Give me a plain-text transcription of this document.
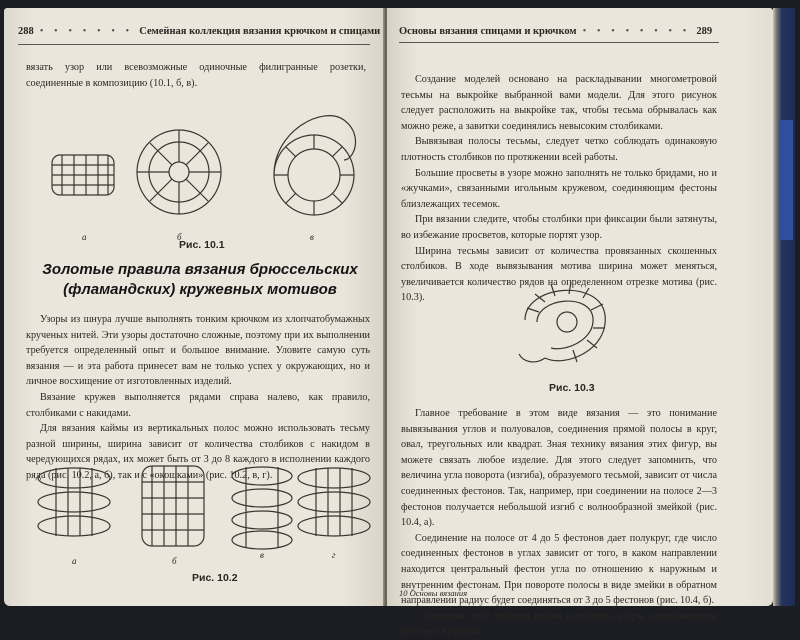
288 • • • • • • • Семейная коллекция вязания крючком и спицами

вязать узор или всевозможные одиночные филигранные розетки, соединенные в композицию (10.1, б, в).

а	б	в
Рис. 10.1
Золотые правила вязания брюссельских (фламандских) кружевных мотивов

Узоры из шнура лучше выполнять тонким крючком из хлопчатобумажных крученых нитей. Эти узоры достаточно сложные, поэтому при их выполнении требуется определенный опыт и большое внимание. Уловите самую суть вязания — и эта работа принесет вам не только успех у окружающих, но и личное восхищение от изготовленных изделий.

Вязание кружев выполняется рядами справа налево, как правило, столбиками с накидами.

Для вязания каймы из вертикальных полос можно использовать тесьму разной ширины, ширина зависит от количества столбиков с накидом в чередующихся рядах, их может быть от 3 до 8 каждого в исполнении каждого ряда (рис. 10.2, а, б), так и с «окошками» (рис. 10.2, в, г).

а	б
в	г
Рис. 10.2
Основы вязания спицами и крючком • • • • • • • • 289

Создание моделей основано на раскладывании многометровой тесьмы на выкройке выбранной вами модели. Для этого рисунок следует расположить на выкройке так, чтобы тесьма обрывалась как можно реже, а завитки соединялись невысоким столбиками.

Вывязывая полосы тесьмы, следует четко соблюдать одинаковую плотность столбиков по протяжении всей работы.

Большие просветы в узоре можно заполнять не только бридами, но и «жучками», связанными игольным кружевом, соединяющим фестоны близлежащих тесемок.

При вязании следите, чтобы столбики при фиксации были затянуты, во избежание просветов, которые портят узор.

Ширина тесьмы зависит от количества провязанных скошенных столбиков. В ходе вывязывания мотива ширина может меняться, увеличивается количество рядов на определенном отрезке мотива (рис. 10.3).

Рис. 10.3

Главное требование в этом виде вязания — это понимание вывязывания углов и полуовалов, соединения прямой полосы в круг, овал, треугольных или квадрат. Зная технику вязания этих фигур, вы можете связать любое изделие. Для этого следует запомнить, что величина угла поворота (изгиба), образуемого тесьмой, зависит от числа соединенных фестонов. Так, например, при соединении на полосе 2—3 фестонов получается небольшой изгиб с волнообразной змейкой (рис. 10.4, а).

Соединение на полосе от 4 до 5 фестонов дает полукруг, где число соединенных фестонов в углах зависит от того, в каком направлении находится центральный фестон угла по отношению к наружным и внутренним фестонам. При повороте полосы в виде змейки в обратном направлении радиус будет соединяться от 3 до 5 фестонов (рис. 10.4, б).

С помощью этой техники можно выполнить узоры, напоминающие плетеное кружево.

10 Основы вязания
